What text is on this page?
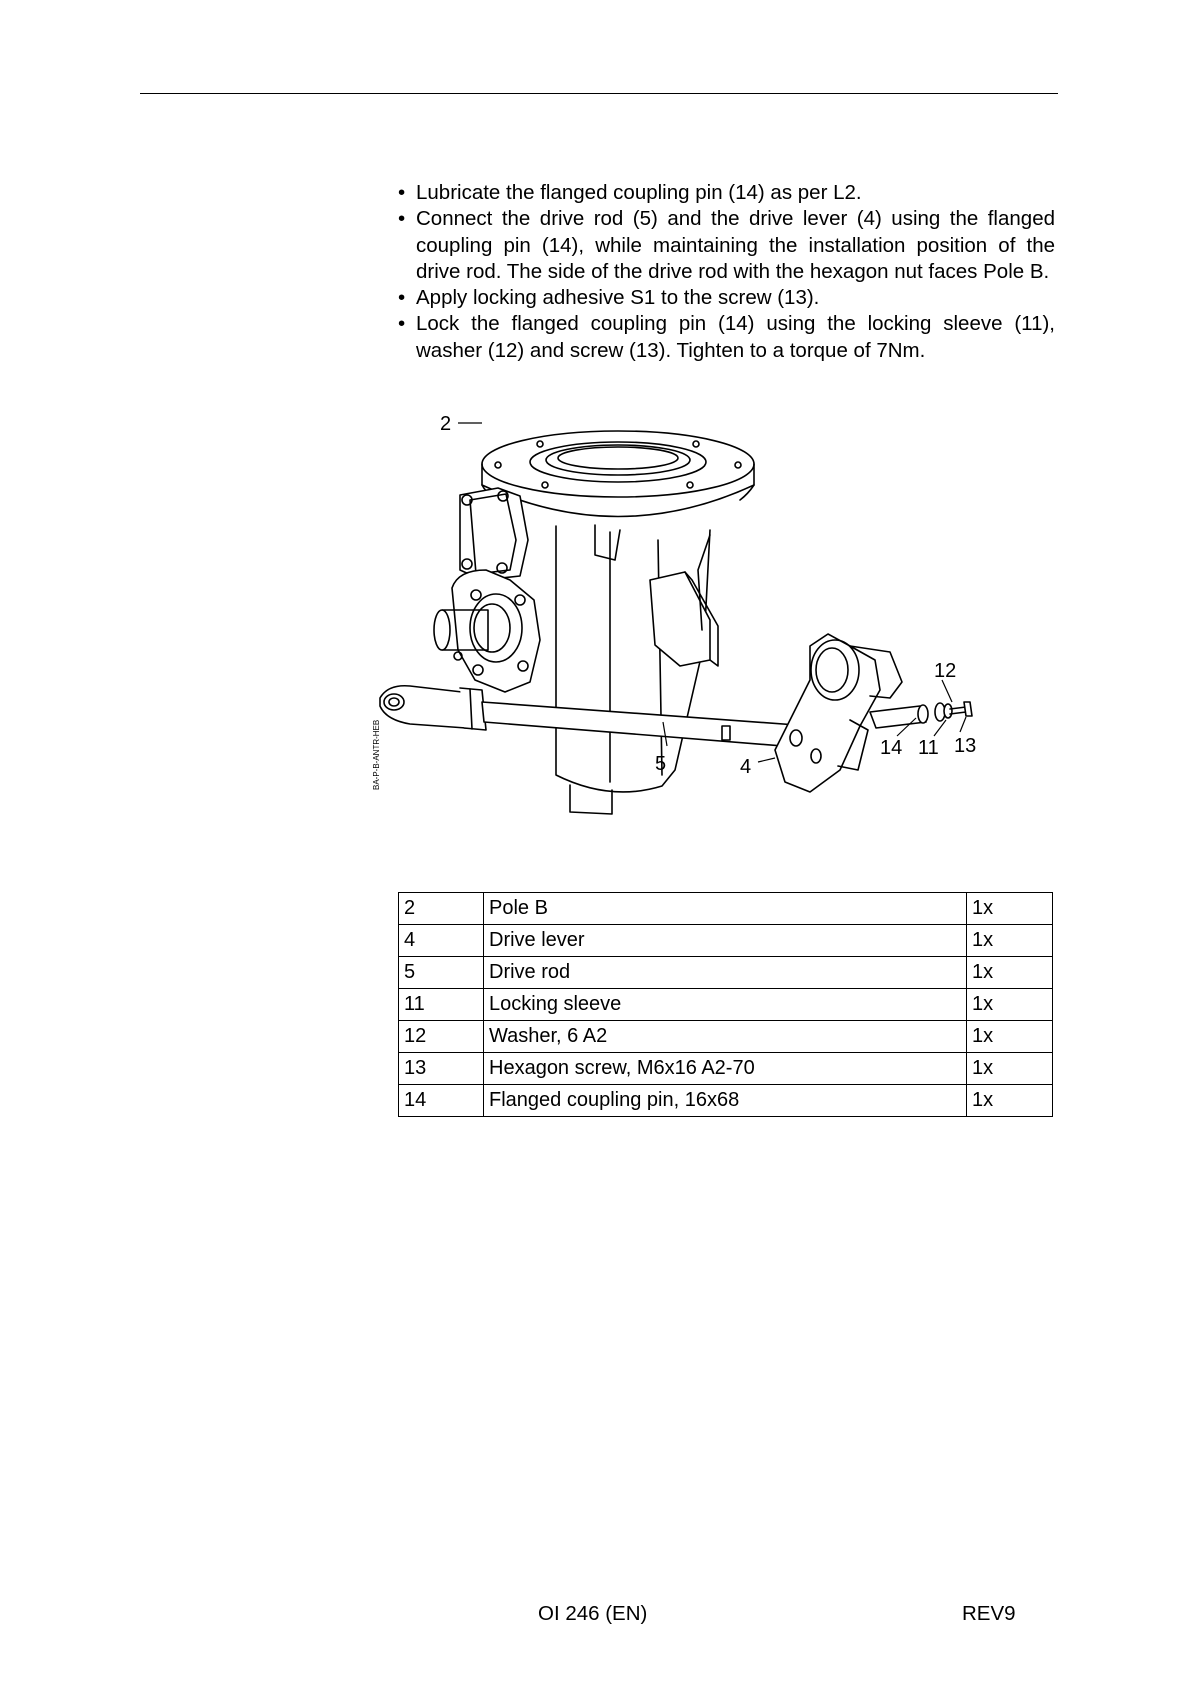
• Lubricate the flanged coupling pin (14) as per L2.
• Connect the drive rod (5) and the drive lever (4) using the flanged coupling pin (14), while maintaining the installation position of the drive rod. The side of the drive rod with the hexagon nut faces Pole B.
• Apply locking adhesive S1 to the screw (13).
• Lock the flanged coupling pin (14) using the locking sleeve (11), washer (12) and screw (13). Tighten to a torque of 7Nm.
2
5	4
12
14 11 13
BA-P-B-ANTR-HEB
2	Pole B	1x
4	Drive lever	1x
5	Drive rod	1x
11	Locking sleeve	1x
12	Washer, 6 A2	1x
13	Hexagon screw, M6x16 A2-70	1x
14	Flanged coupling pin, 16x68	1x
OI 246 (EN)	REV9
